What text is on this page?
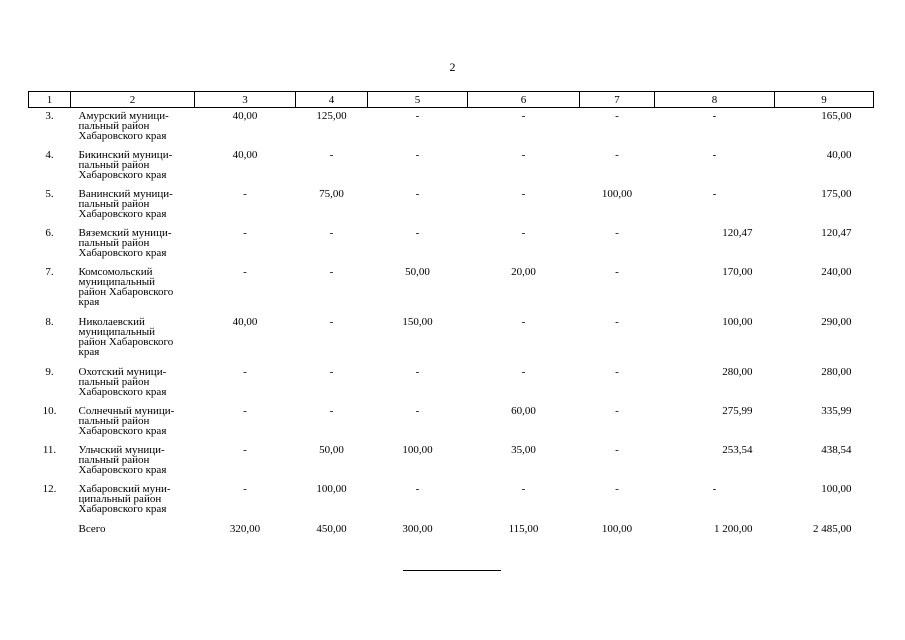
2
1	2	3	4	5	6	7	8	9
3.	Амурский муници-
пальный район
Хабаровского края	40,00	125,00	-	-	-	-	165,00
4.	Бикинский муници-
пальный район
Хабаровского края	40,00	-	-	-	-	-	40,00
5.	Ванинский муници-
пальный район
Хабаровского края	-	75,00	-	-	100,00	-	175,00
6.	Вяземский муници-
пальный район
Хабаровского края	-	-	-	-	-	120,47	120,47
7.	Комсомольский
муниципальный
район Хабаровского
края	-	-	50,00	20,00	-	170,00	240,00
8.	Николаевский
муниципальный
район Хабаровского
края	40,00	-	150,00	-	-	100,00	290,00
9.	Охотский муници-
пальный район
Хабаровского края	-	-	-	-	-	280,00	280,00
10.	Солнечный муници-
пальный район
Хабаровского края	-	-	-	60,00	-	275,99	335,99
11.	Ульчский муници-
пальный район
Хабаровского края	-	50,00	100,00	35,00	-	253,54	438,54
12.	Хабаровский муни-
ципальный район
Хабаровского края	-	100,00	-	-	-	-	100,00
	Всего	320,00	450,00	300,00	115,00	100,00	1 200,00	2 485,00
